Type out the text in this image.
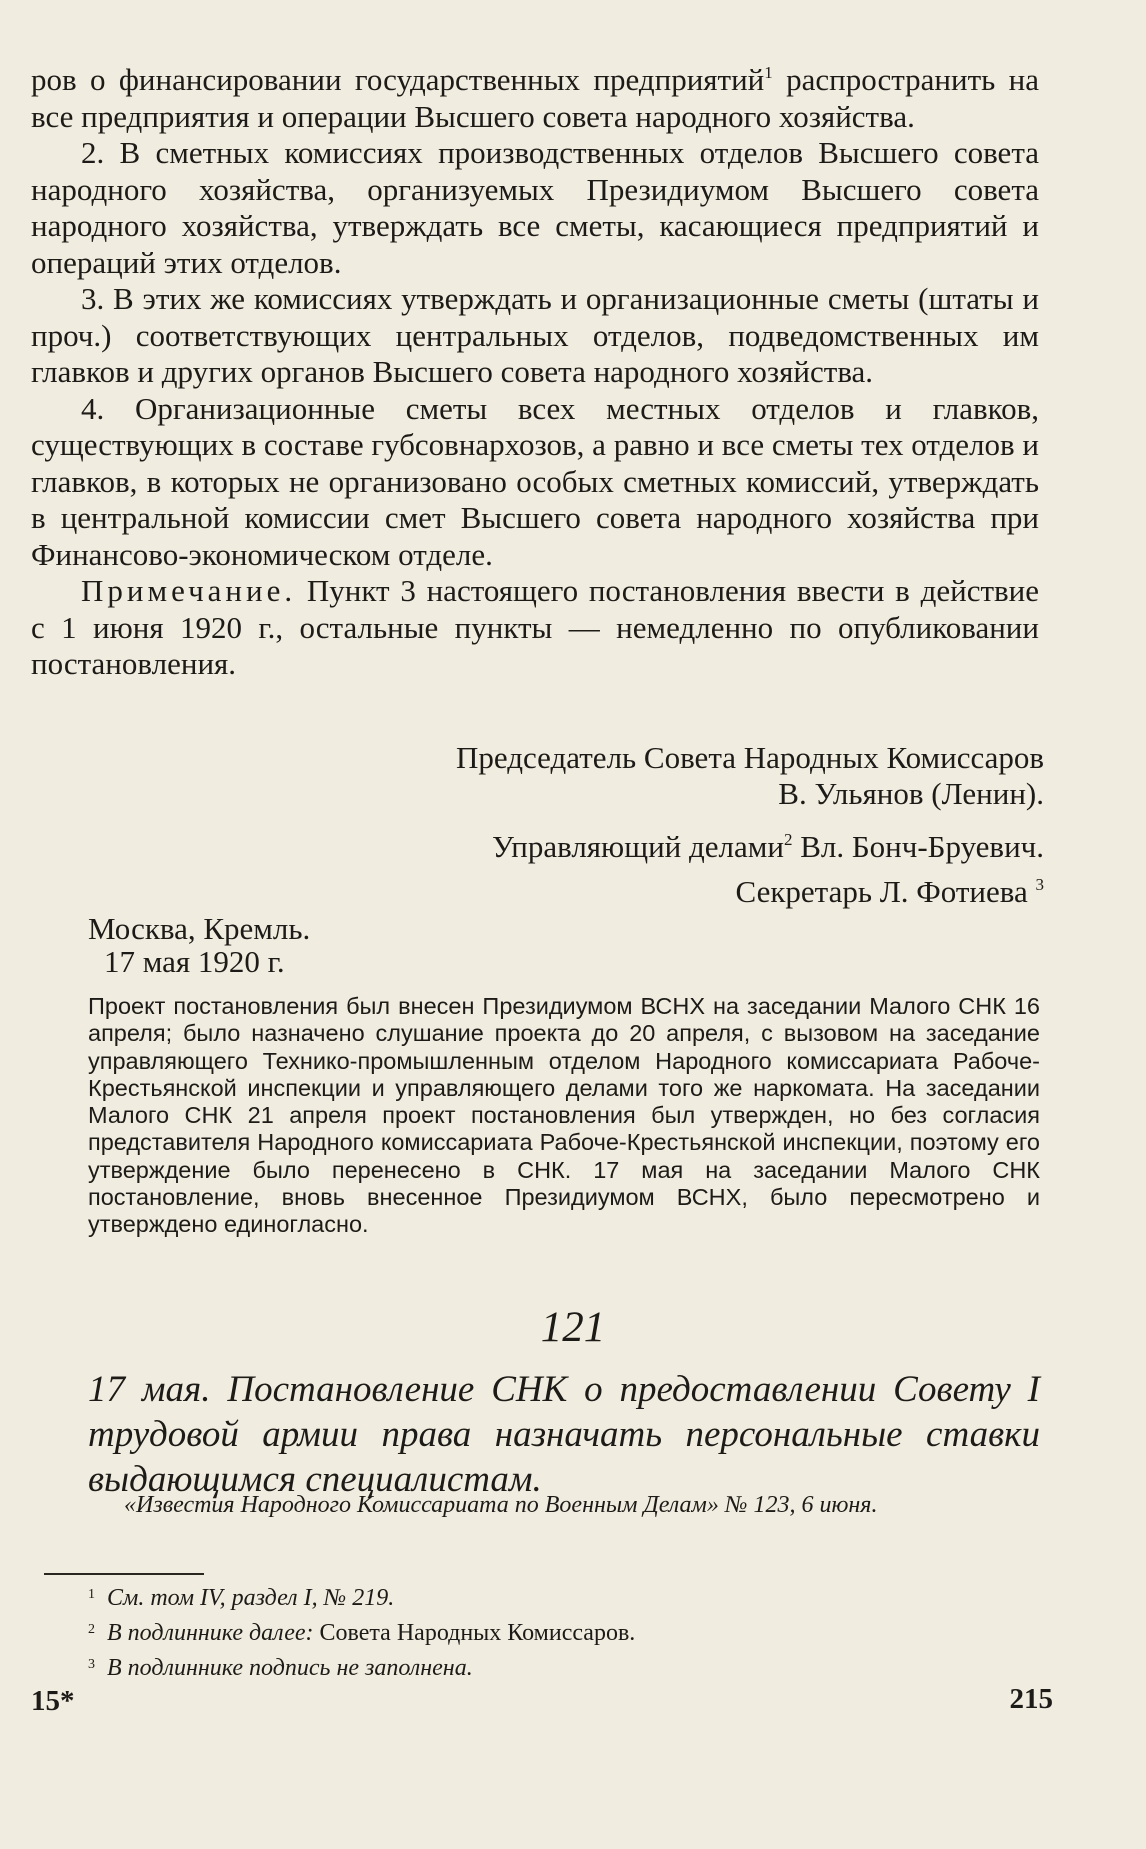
ров о финансировании государственных предприятий$^1$ распространить на все предприятия и операции Высшего совета народного хозяйства.

2. В сметных комиссиях производственных отделов Высшего совета народного хозяйства, организуемых Президиумом Высшего совета народного хозяйства, утверждать все сметы, касающиеся предприятий и операций этих отделов.

3. В этих же комиссиях утверждать и организационные сметы (штаты и проч.) соответствующих центральных отделов, подведомственных им главков и других органов Высшего совета народного хозяйства.

4. Организационные сметы всех местных отделов и главков, существующих в составе губсовнархозов, а равно и все сметы тех отделов и главков, в которых не организовано особых сметных комиссий, утверждать в центральной комиссии смет Высшего совета народного хозяйства при Финансово-экономическом отделе.

Примечание. Пункт 3 настоящего постановления ввести в действие с 1 июня 1920 г., остальные пункты — немедленно по опубликовании постановления.

Председатель Совета Народных Комиссаров
В. Ульянов (Ленин).
Управляющий делами$^2$ Вл. Бонч-Бруевич.
Секретарь Л. Фотиева $^3$
Москва, Кремль.
17 мая 1920 г.

Проект постановления был внесен Президиумом ВСНХ на заседании Малого СНК 16 апреля; было назначено слушание проекта до 20 апреля, с вызовом на заседание управляющего Технико-промышленным отделом Народного комиссариата Рабоче-Крестьянской инспекции и управляющего делами того же наркомата. На заседании Малого СНК 21 апреля проект постановления был утвержден, но без согласия представителя Народного комиссариата Рабоче-Крестьянской инспекции, поэтому его утверждение было перенесено в СНК. 17 мая на заседании Малого СНК постановление, вновь внесенное Президиумом ВСНХ, было пересмотрено и утверждено единогласно.

121

17 мая. Постановление СНК о предоставлении Совету I трудовой армии права назначать персональные ставки выдающимся специалистам.

«Известия Народного Комиссариата по Военным Делам» № 123, 6 июня.

$^1$ См. том IV, раздел I, № 219.
$^2$ В подлиннике далее: Совета Народных Комиссаров.
$^3$ В подлиннике подпись не заполнена.
15*	215
